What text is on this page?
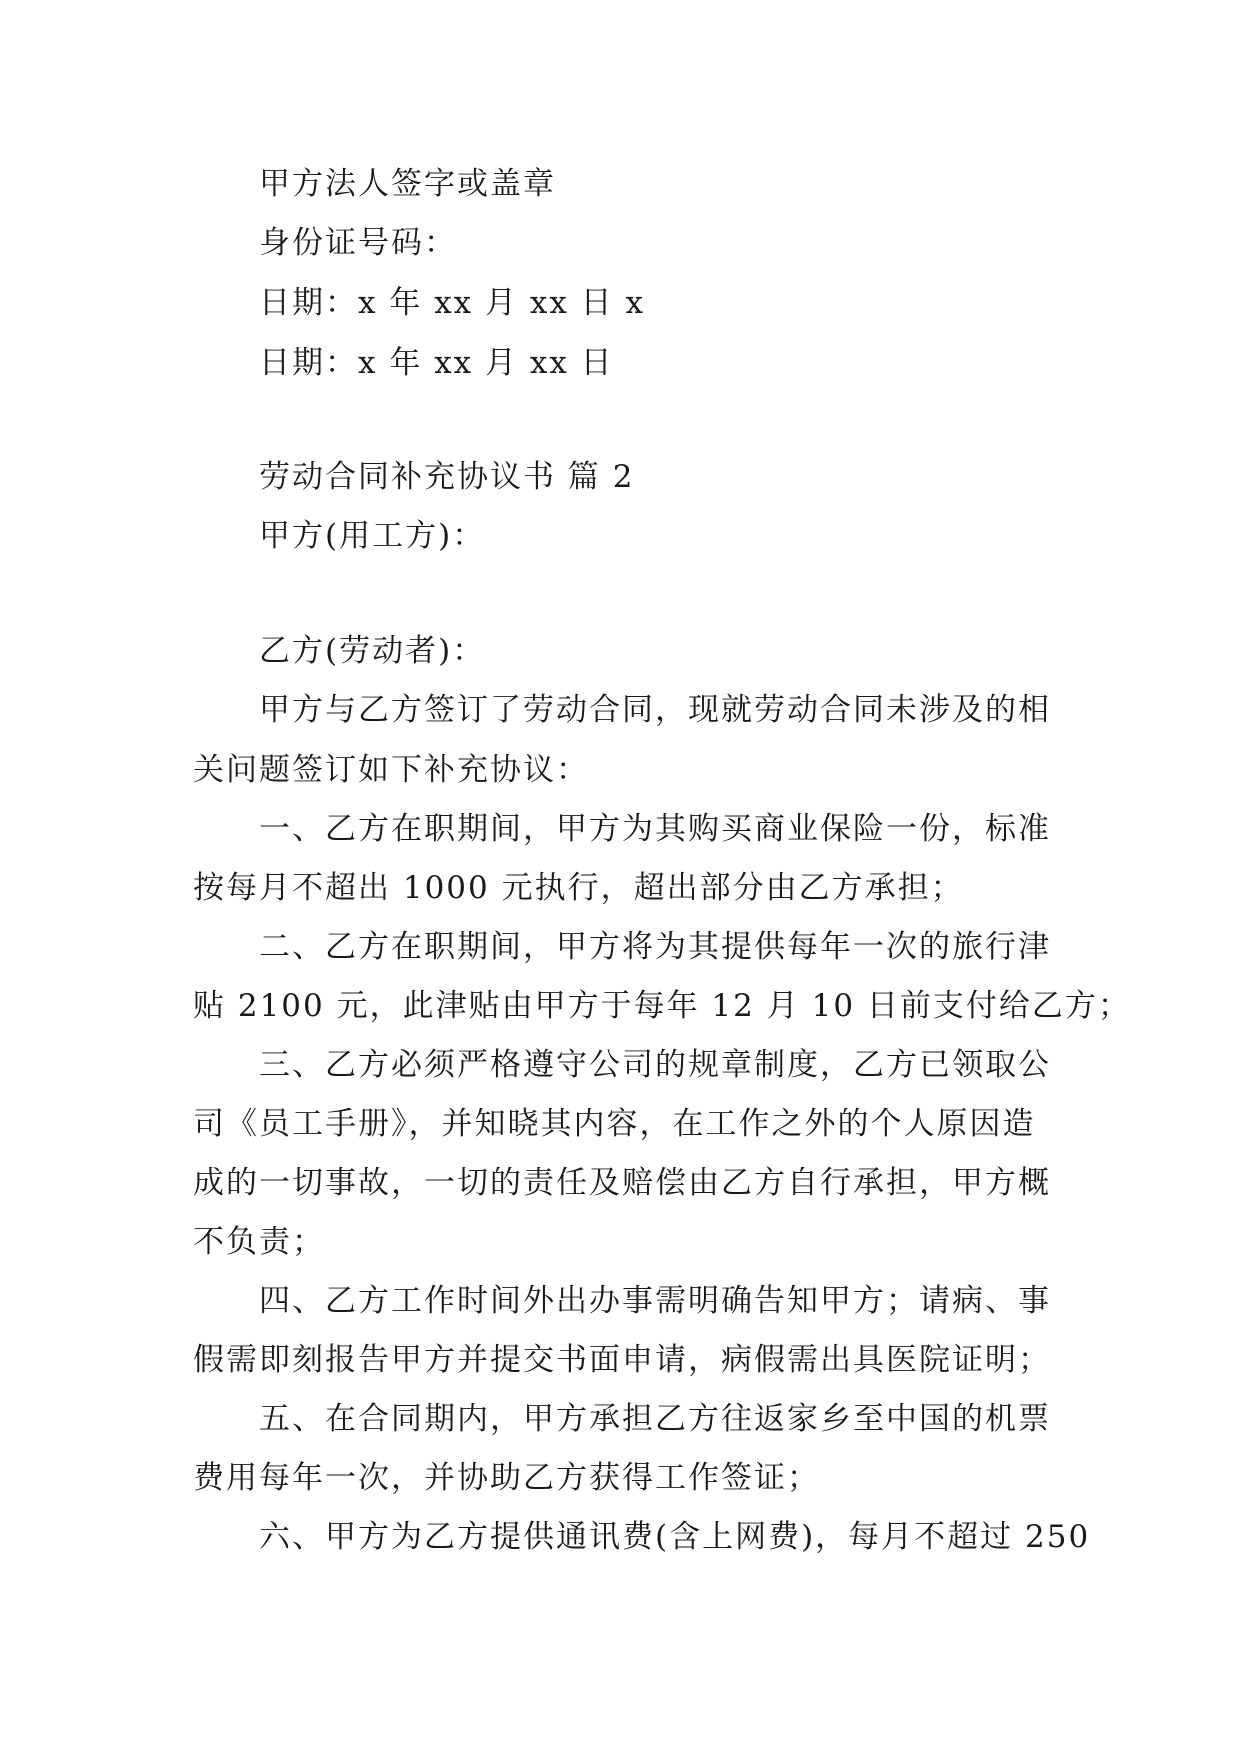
甲方法人签字或盖章
身份证号码：
日期：x 年 xx 月 xx 日 x
日期：x 年 xx 月 xx 日
劳动合同补充协议书 篇 2
甲方(用工方)：
乙方(劳动者)：
甲方与乙方签订了劳动合同，现就劳动合同未涉及的相
关问题签订如下补充协议：
一、乙方在职期间，甲方为其购买商业保险一份，标准
按每月不超出 1000 元执行，超出部分由乙方承担；
二、乙方在职期间，甲方将为其提供每年一次的旅行津
贴 2100 元，此津贴由甲方于每年 12 月 10 日前支付给乙方；
三、乙方必须严格遵守公司的规章制度，乙方已领取公
司《员工手册》，并知晓其内容，在工作之外的个人原因造
成的一切事故，一切的责任及赔偿由乙方自行承担，甲方概
不负责；
四、乙方工作时间外出办事需明确告知甲方；请病、事
假需即刻报告甲方并提交书面申请，病假需出具医院证明；
五、在合同期内，甲方承担乙方往返家乡至中国的机票
费用每年一次，并协助乙方获得工作签证；
六、甲方为乙方提供通讯费(含上网费)，每月不超过 250
